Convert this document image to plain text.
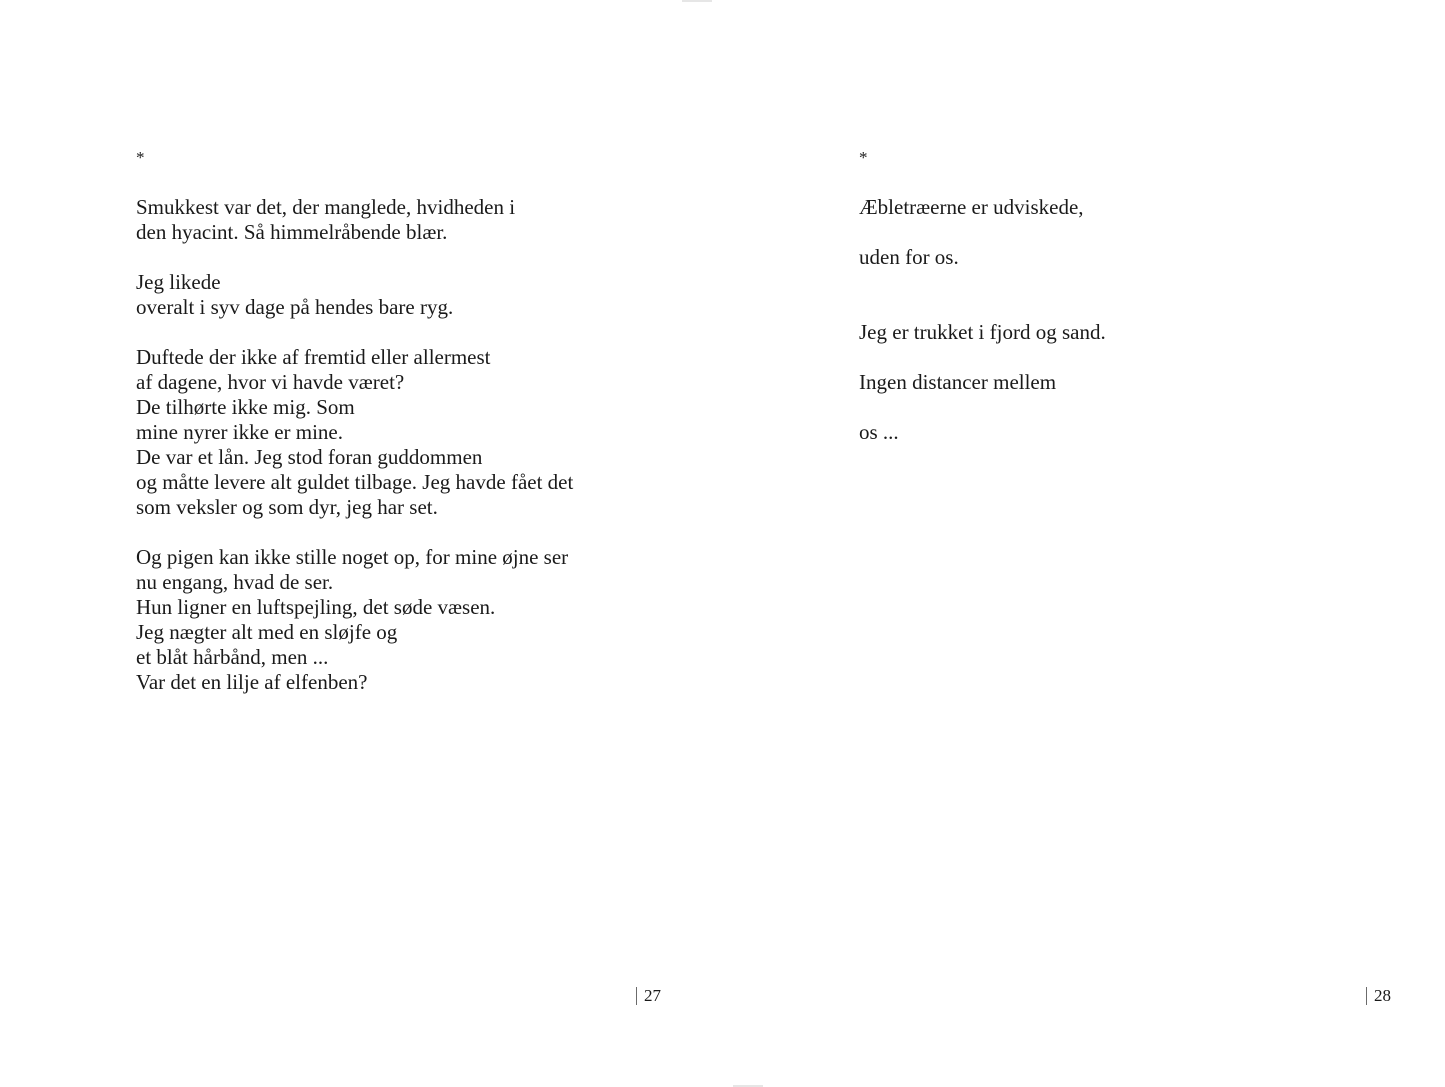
*
Smukkest var det, der manglede, hvidheden i
den hyacint. Så himmelråbende blær.
Jeg likede
overalt i syv dage på hendes bare ryg.
Duftede der ikke af fremtid eller allermest
af dagene, hvor vi havde været?
De tilhørte ikke mig. Som
mine nyrer ikke er mine.
De var et lån. Jeg stod foran guddommen
og måtte levere alt guldet tilbage. Jeg havde fået det
som veksler og som dyr, jeg har set.
Og pigen kan ikke stille noget op, for mine øjne ser
nu engang, hvad de ser.
Hun ligner en luftspejling, det søde væsen.
Jeg nægter alt med en sløjfe og
et blåt hårbånd, men ...
Var det en lilje af elfenben?
27
*
Æbletræerne er udviskede,
uden for os.
Jeg er trukket i fjord og sand.
Ingen distancer mellem
os ...
28
